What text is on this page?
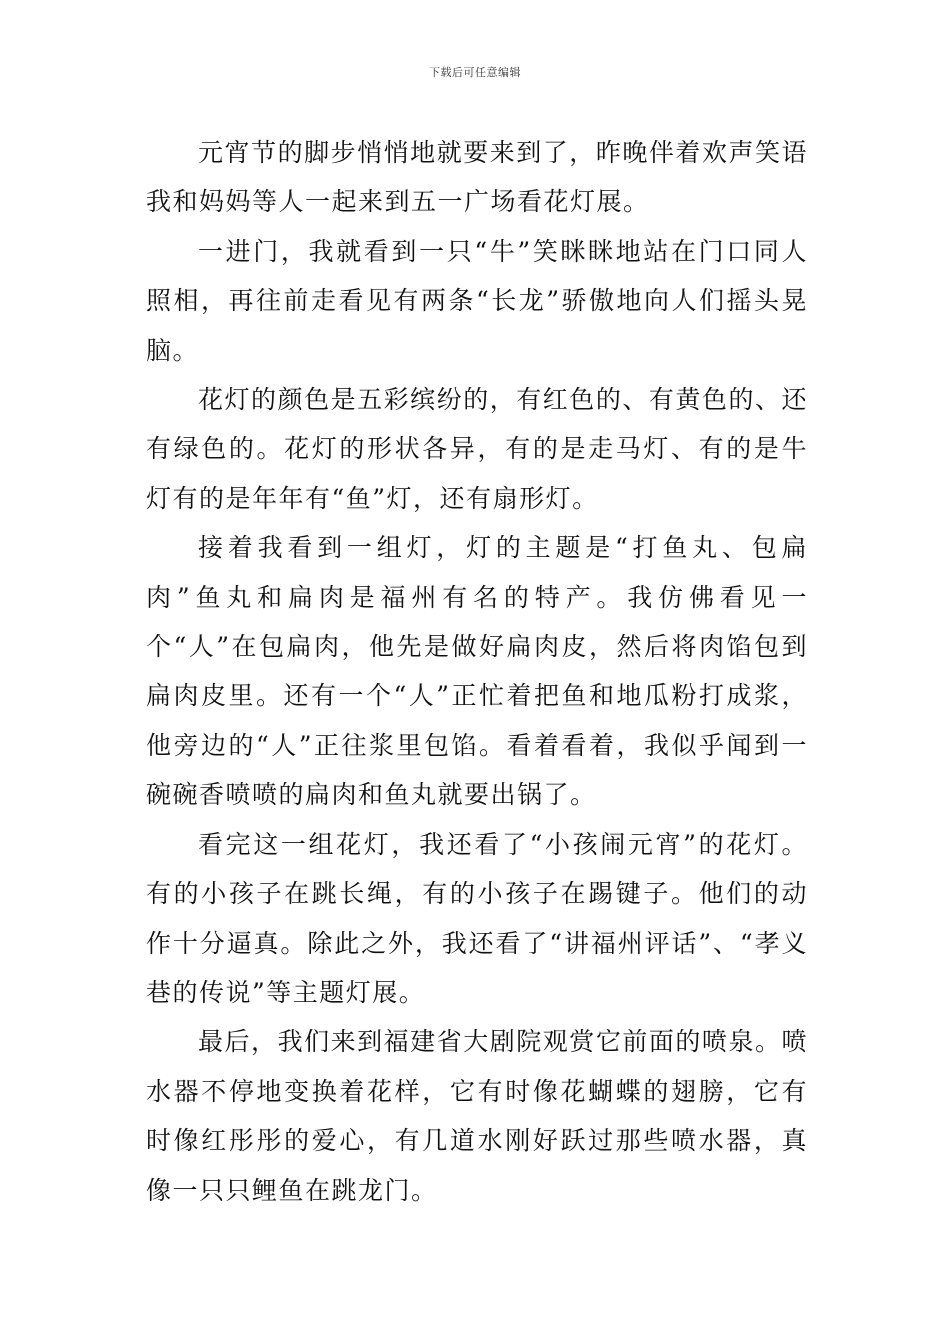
下载后可任意编辑

元宵节的脚步悄悄地就要来到了，昨晚伴着欢声笑语我和妈妈等人一起来到五一广场看花灯展。

一进门，我就看到一只“牛”笑眯眯地站在门口同人照相，再往前走看见有两条“长龙”骄傲地向人们摇头晃脑。

花灯的颜色是五彩缤纷的，有红色的、有黄色的、还有绿色的。花灯的形状各异，有的是走马灯、有的是牛灯有的是年年有“鱼”灯，还有扇形灯。

接着我看到一组灯，灯的主题是“打鱼丸、包扁肉”鱼丸和扁肉是福州有名的特产。我仿佛看见一个“人”在包扁肉，他先是做好扁肉皮，然后将肉馅包到扁肉皮里。还有一个“人”正忙着把鱼和地瓜粉打成浆，他旁边的“人”正往浆里包馅。看着看着，我似乎闻到一碗碗香喷喷的扁肉和鱼丸就要出锅了。

看完这一组花灯，我还看了“小孩闹元宵”的花灯。有的小孩子在跳长绳，有的小孩子在踢键子。他们的动作十分逼真。除此之外，我还看了“讲福州评话”、“孝义巷的传说”等主题灯展。

最后，我们来到福建省大剧院观赏它前面的喷泉。喷水器不停地变换着花样，它有时像花蝴蝶的翅膀，它有时像红彤彤的爱心，有几道水刚好跃过那些喷水器，真像一只只鲤鱼在跳龙门。
